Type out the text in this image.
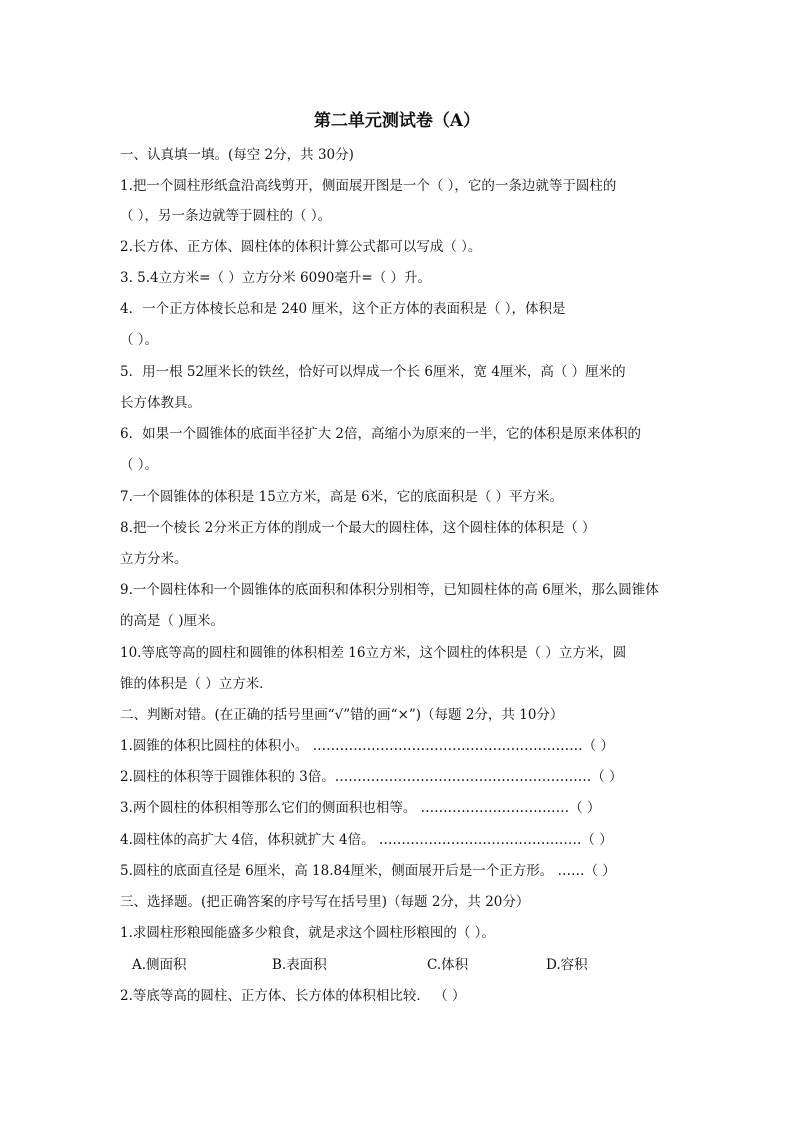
第二单元测试卷（A）
一、认真填一填。(每空 2分，共 30分)
1.把一个圆柱形纸盒沿高线剪开，侧面展开图是一个（ ），它的一条边就等于圆柱的
（ ），另一条边就等于圆柱的（ ）。
2.长方体、正方体、圆柱体的体积计算公式都可以写成（ ）。
3. 5.4立方米=（ ）立方分米 6090毫升=（ ）升。
4．一个正方体棱长总和是 240 厘米，这个正方体的表面积是（ ），体积是
（ ）。
5．用一根 52厘米长的铁丝，恰好可以焊成一个长 6厘米，宽 4厘米，高（ ）厘米的
长方体教具。
6．如果一个圆锥体的底面半径扩大 2倍，高缩小为原来的一半，它的体积是原来体积的
（ ）。
7.一个圆锥体的体积是 15立方米，高是 6米，它的底面积是（ ）平方米。
8.把一个棱长 2分米正方体的削成一个最大的圆柱体，这个圆柱体的体积是（ ）
立方分米。
9.一个圆柱体和一个圆锥体的底面积和体积分别相等，已知圆柱体的高 6厘米，那么圆锥体
的高是（ )厘米。
10.等底等高的圆柱和圆锥的体积相差 16立方米，这个圆柱的体积是（ ）立方米，圆
锥的体积是（ ）立方米．
二、判断对错。(在正确的括号里画“√”错的画“×”)（每题 2分，共 10分）
1.圆锥的体积比圆柱的体积小。 ……………………………………………………（ ）
2.圆柱的体积等于圆锥体积的 3倍。…………………………………………………（ ）
3.两个圆柱的体积相等那么它们的侧面积也相等。 ……………………………（ ）
4.圆柱体的高扩大 4倍，体积就扩大 4倍。 ………………………………………（ ）
5.圆柱的底面直径是 6厘米，高 18.84厘米，侧面展开后是一个正方形。 ……（ ）
三、选择题。(把正确答案的序号写在括号里)（每题 2分，共 20分）
1.求圆柱形粮囤能盛多少粮食，就是求这个圆柱形粮囤的（ ）。
A.侧面积	B.表面积	C.体积	D.容积
2.等底等高的圆柱、正方体、长方体的体积相比较． （ ）
